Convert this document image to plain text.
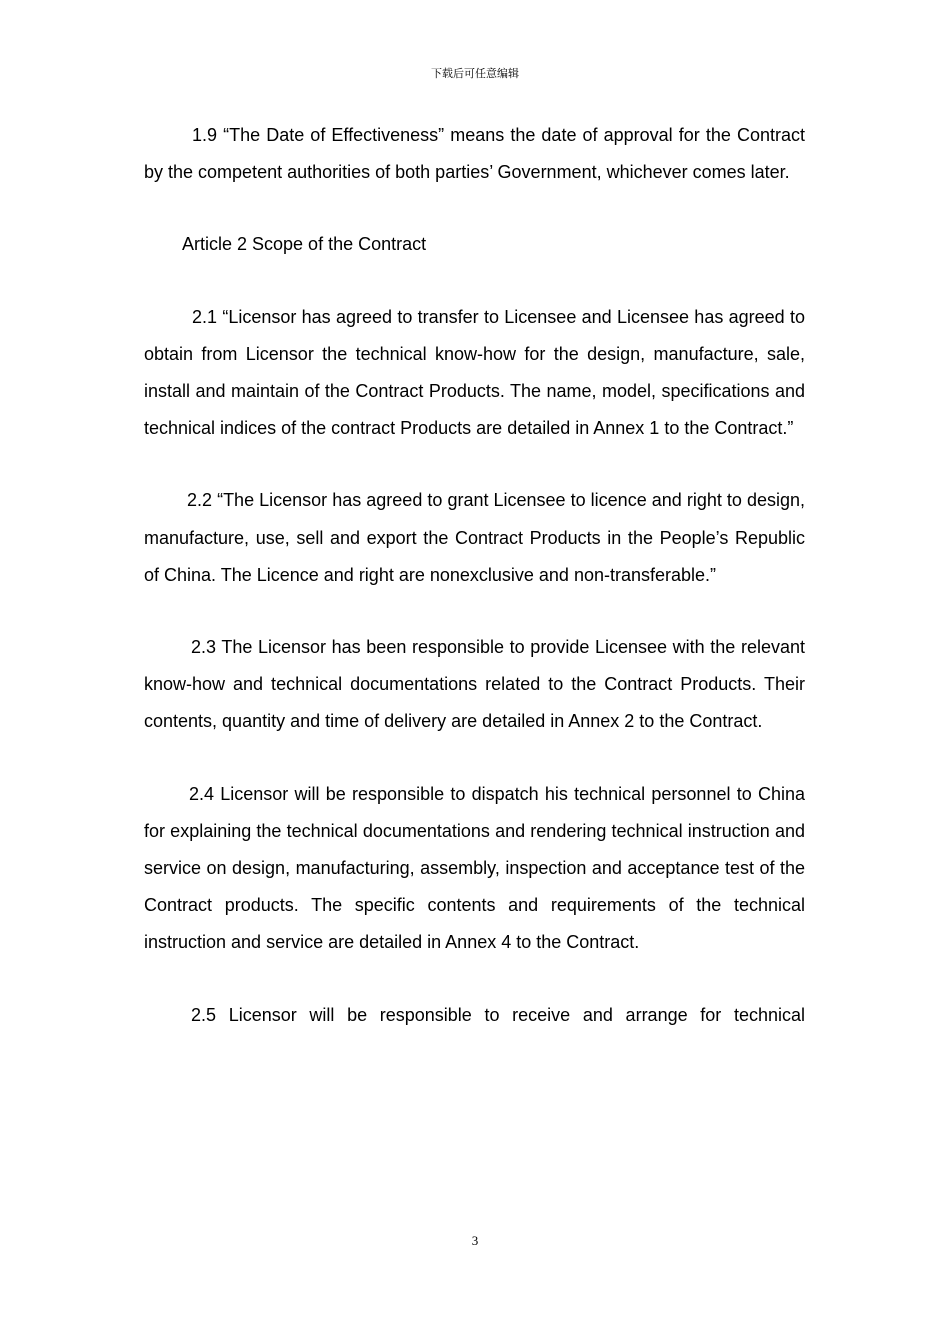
下载后可任意编辑

1.9 “The Date of Effectiveness” means the date of approval for the Contract by the competent authorities of both parties’ Government, whichever comes later.

Article 2 Scope of the Contract

2.1 “Licensor has agreed to transfer to Licensee and Licensee has agreed to obtain from Licensor the technical know-how for the design, manufacture, sale, install and maintain of the Contract Products. The name, model, specifications and technical indices of the contract Products are detailed in Annex 1 to the Contract.”

2.2 “The Licensor has agreed to grant Licensee to licence and right to design, manufacture, use, sell and export the Contract Products in the People’s Republic of China. The Licence and right are nonexclusive and non-transferable.”

2.3 The Licensor has been responsible to provide Licensee with the relevant know-how and technical documentations related to the Contract Products. Their contents, quantity and time of delivery are detailed in Annex 2 to the Contract.

2.4 Licensor will be responsible to dispatch his technical personnel to China for explaining the technical documentations and rendering technical instruction and service on design, manufacturing, assembly, inspection and acceptance test of the Contract products. The specific contents and requirements of the technical instruction and service are detailed in Annex 4 to the Contract.

2.5 Licensor will be responsible to receive and arrange for technical

3
